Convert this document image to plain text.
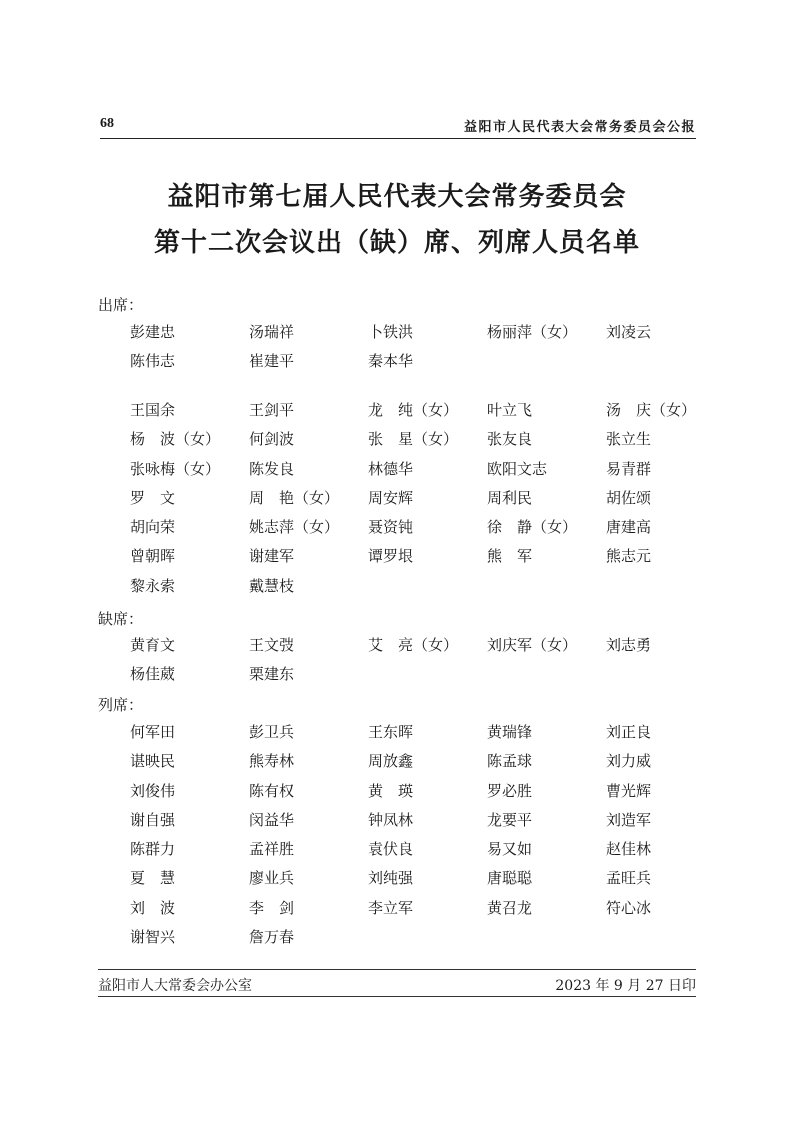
68	益阳市人民代表大会常务委员会公报
益阳市第七届人民代表大会常务委员会
第十二次会议出（缺）席、列席人员名单
出席：
彭建忠	汤瑞祥	卜铁洪	杨丽萍（女）	刘凌云
陈伟志	崔建平	秦本华
王国余	王剑平	龙　纯（女）	叶立飞	汤　庆（女）
杨　波（女）	何剑波	张　星（女）	张友良	张立生
张咏梅（女）	陈发良	林德华	欧阳文志	易青群
罗　文	周　艳（女）	周安辉	周利民	胡佐颂
胡向荣	姚志萍（女）	聂资钝	徐　静（女）	唐建高
曾朝晖	谢建军	谭罗垠	熊　军	熊志元
黎永索	戴慧枝
缺席：
黄育文	王文弢	艾　亮（女）	刘庆军（女）	刘志勇
杨佳葳	栗建东
列席：
何军田	彭卫兵	王东晖	黄瑞锋	刘正良
谌映民	熊寿林	周放鑫	陈孟球	刘力威
刘俊伟	陈有权	黄　瑛	罗必胜	曹光辉
谢自强	闵益华	钟凤林	龙要平	刘造军
陈群力	孟祥胜	袁伏良	易又如	赵佳林
夏　慧	廖业兵	刘纯强	唐聪聪	孟旺兵
刘　波	李　剑	李立军	黄召龙	符心冰
谢智兴	詹万春
益阳市人大常委会办公室	2023 年 9 月 27 日印
